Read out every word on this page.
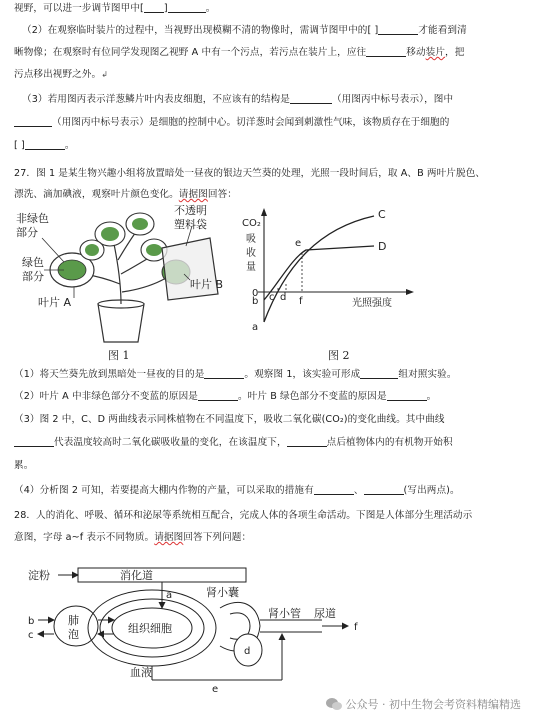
视野，可以进一步调节图甲中[ ]	。
（2）在观察临时装片的过程中，当视野出现模糊不清的物像时，需调节图甲中的[ ]	才能看到清
晰物像；在观察时有位同学发现图乙视野 A 中有一个污点，若污点在装片上，应往	移动装片，把
污点移出视野之外。↲
（3）若用图丙表示洋葱鳞片叶内表皮细胞，不应该有的结构是	（用图丙中标号表示），图中
（用图丙中标号表示）是细胞的控制中心。切洋葱时会闻到刺激性气味，该物质存在于细胞的
[ ]	。
27．图 1 是某生物兴趣小组将放置暗处一昼夜的银边天竺葵的处理，光照一段时间后，取 A、B 两叶片脱色、
漂洗、滴加碘液，观察叶片颜色变化。请据图回答：
非绿色
部分
绿色
部分
不透明
塑料袋
叶片 A
叶片 B
图 1
CO₂
吸
收
量
光照强度
0
a
b c d
e
f
C
D
图 2
（1）将天竺葵先放到黑暗处一昼夜的目的是	。观察图 1，该实验可形成	组对照实验。
（2）叶片 A 中非绿色部分不变蓝的原因是	。叶片 B 绿色部分不变蓝的原因是	。
（3）图 2 中，C、D 两曲线表示同株植物在不同温度下，吸收二氧化碳(CO₂)的变化曲线。其中曲线
代表温度较高时二氧化碳吸收量的变化，在该温度下，	点后植物体内的有机物开始积
累。
（4）分析图 2 可知，若要提高大棚内作物的产量，可以采取的措施有	、	(写出两点)。
28．人的消化、呼吸、循环和泌尿等系统相互配合，完成人体的各项生命活动。下图是人体部分生理活动示
意图，字母 a~f 表示不同物质。请据图回答下列问题：
淀粉	消化道
a	肾小囊
肺
泡	组织细胞
肾小管 尿道
血液
b
c
d
e
f
公众号 · 初中生物会考资料精编精选
